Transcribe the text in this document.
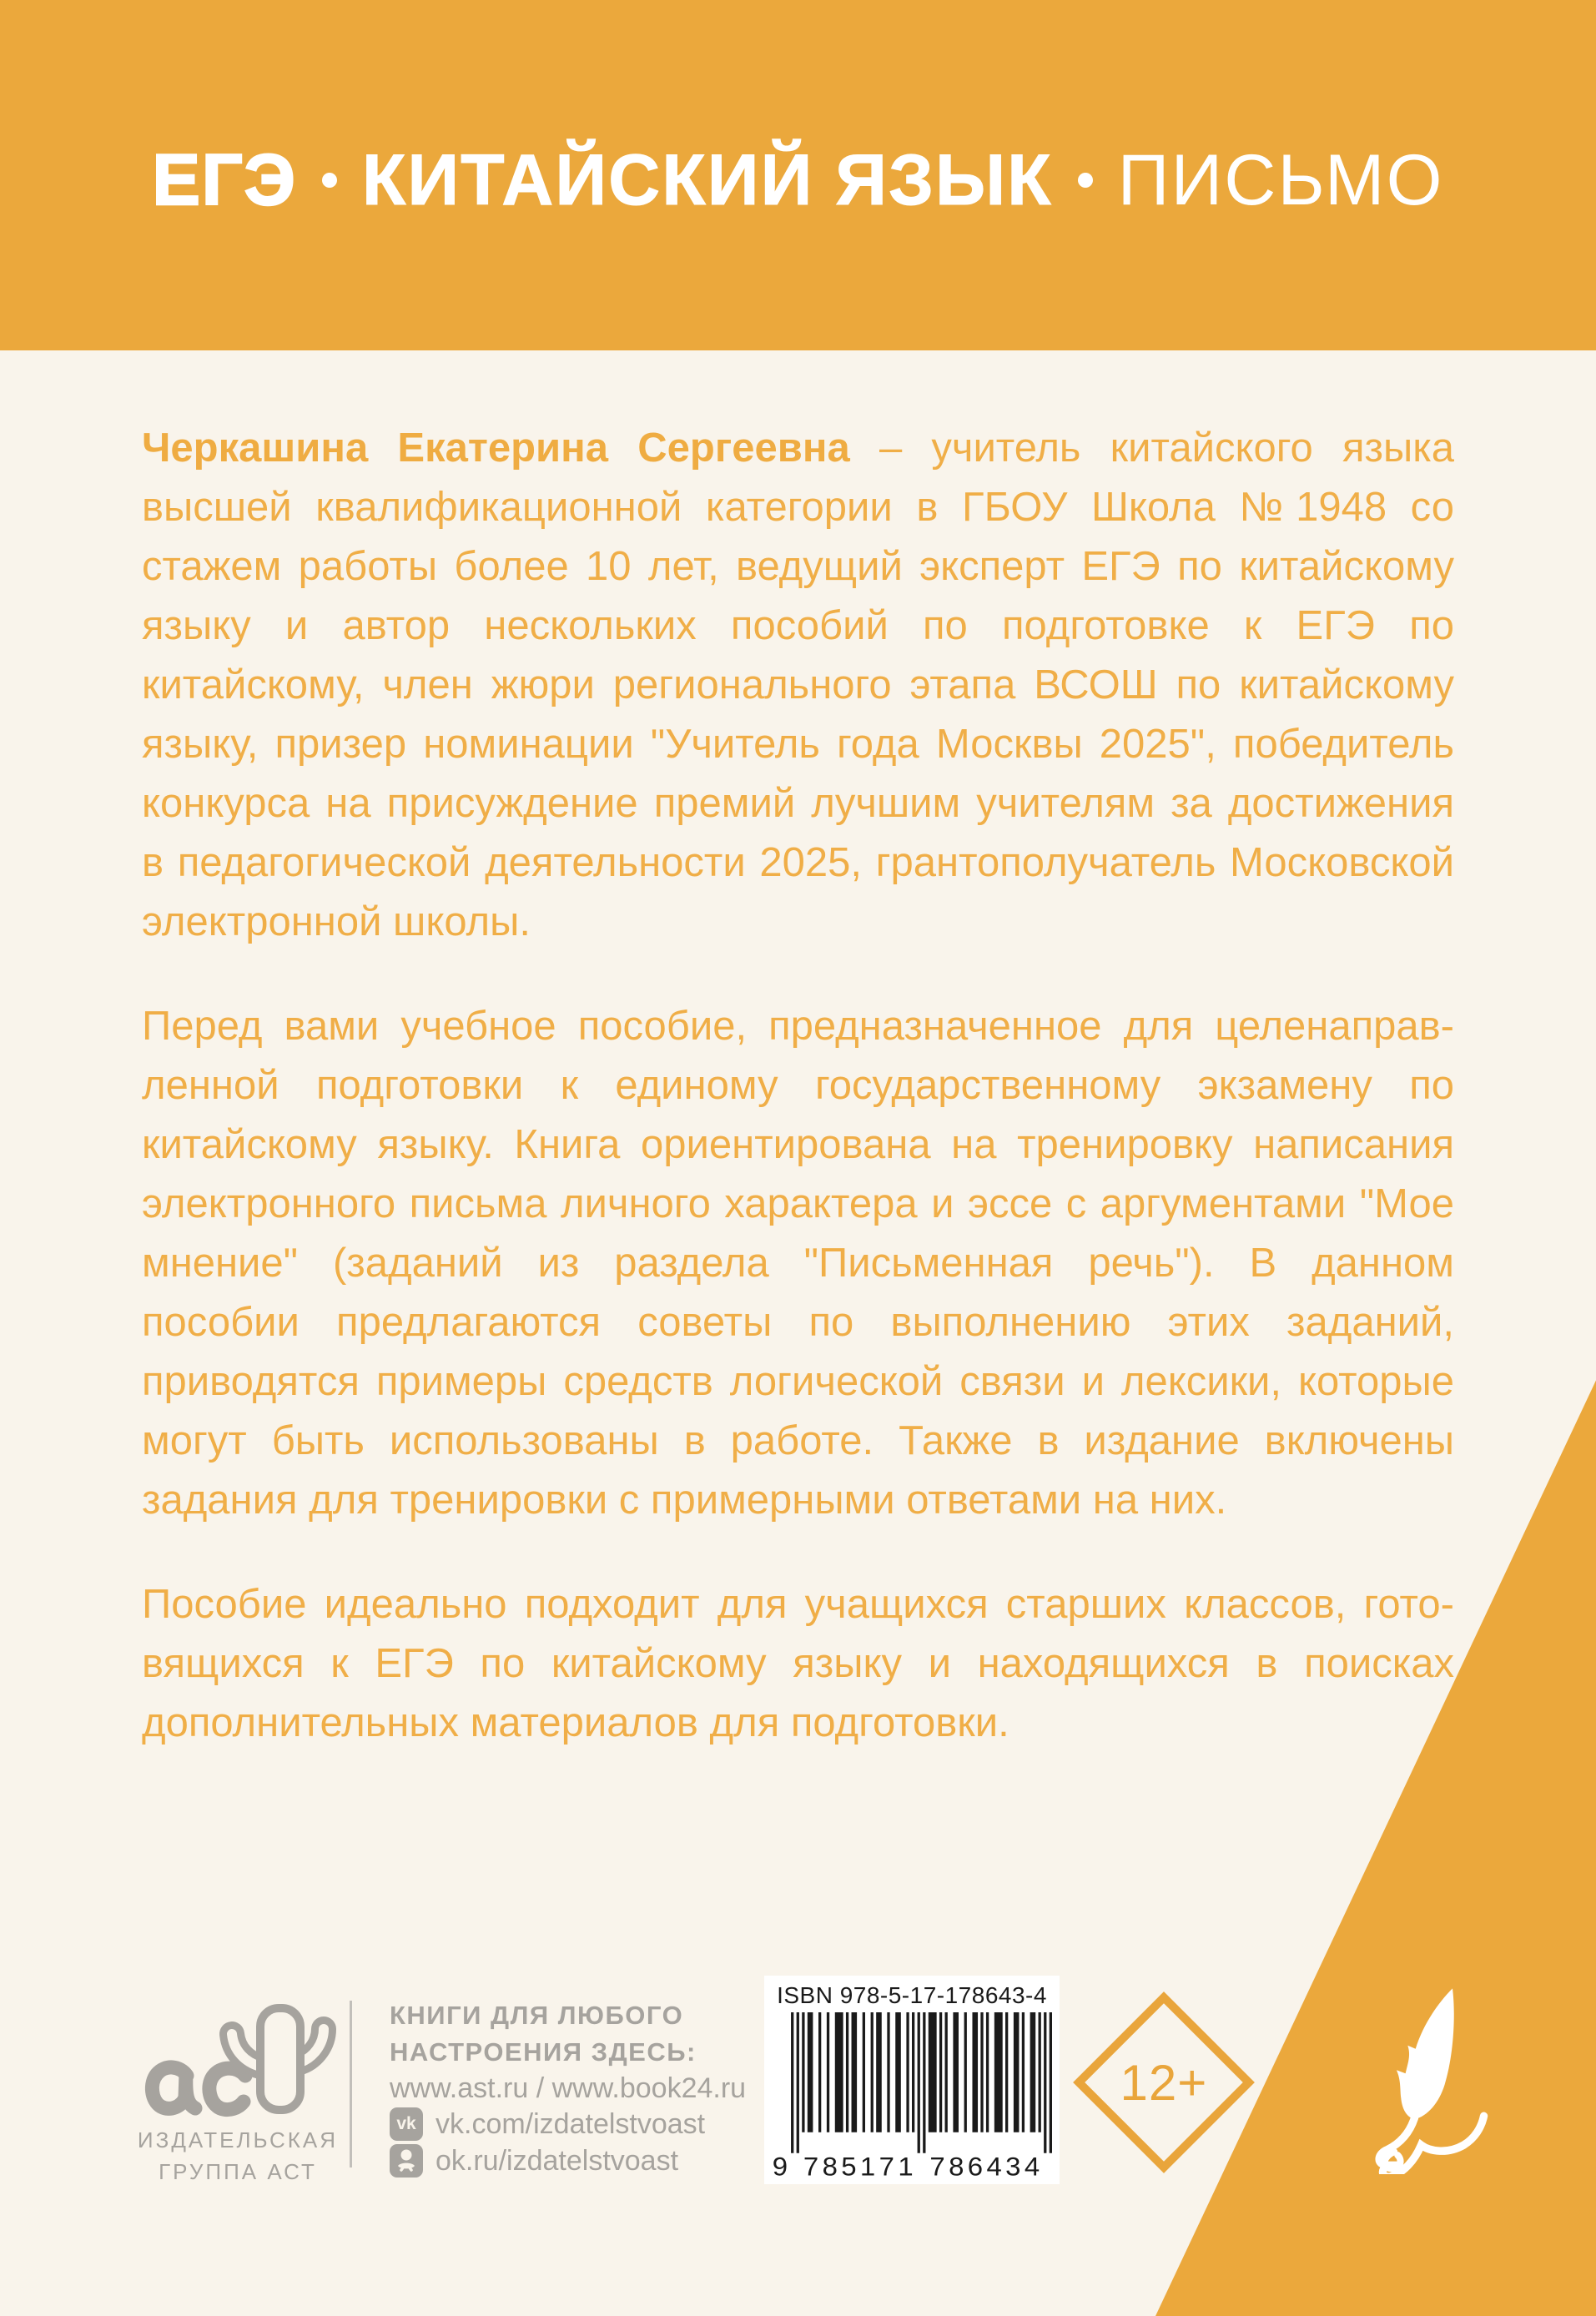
ЕГЭ КИТАЙСКИЙ ЯЗЫК ПИСЬМО

Черкашина Екатерина Сергеевна – учитель китайского языка высшей квалификационной категории в ГБОУ Школа №1948 со стажем работы более 10 лет, ведущий эксперт ЕГЭ по китайскому языку и автор нескольких пособий по подготовке к ЕГЭ по китайскому, член жюри регионального этапа ВСОШ по китайскому языку, призер номинации "Учитель года Москвы 2025", победитель конкурса на присуждение премий лучшим учителям за достижения в педагогической деятельности 2025, грантополучатель Московской электронной школы.

Перед вами учебное пособие, предназначенное для целенаправленной подготовки к единому государственному экзамену по китайскому языку. Книга ориентирована на тренировку написания электронного письма личного характера и эссе с аргументами "Мое мнение" (заданий из раздела "Письменная речь"). В данном пособии предлагаются советы по выполнению этих заданий, приводятся примеры средств логической связи и лексики, которые могут быть использованы в работе. Также в издание включены задания для тренировки с примерными ответами на них.

Пособие идеально подходит для учащихся старших классов, готовящихся к ЕГЭ по китайскому языку и находящихся в поисках дополнительных материалов для подготовки.

ИЗДАТЕЛЬСКАЯ
ГРУППА АСТ
КНИГИ ДЛЯ ЛЮБОГО
НАСТРОЕНИЯ ЗДЕСЬ:
www.ast.ru / www.book24.ru
vk vk.com/izdatelstvoast
ok.ru/izdatelstvoast
ISBN 978-5-17-178643-4
9 785171 786434
12+
